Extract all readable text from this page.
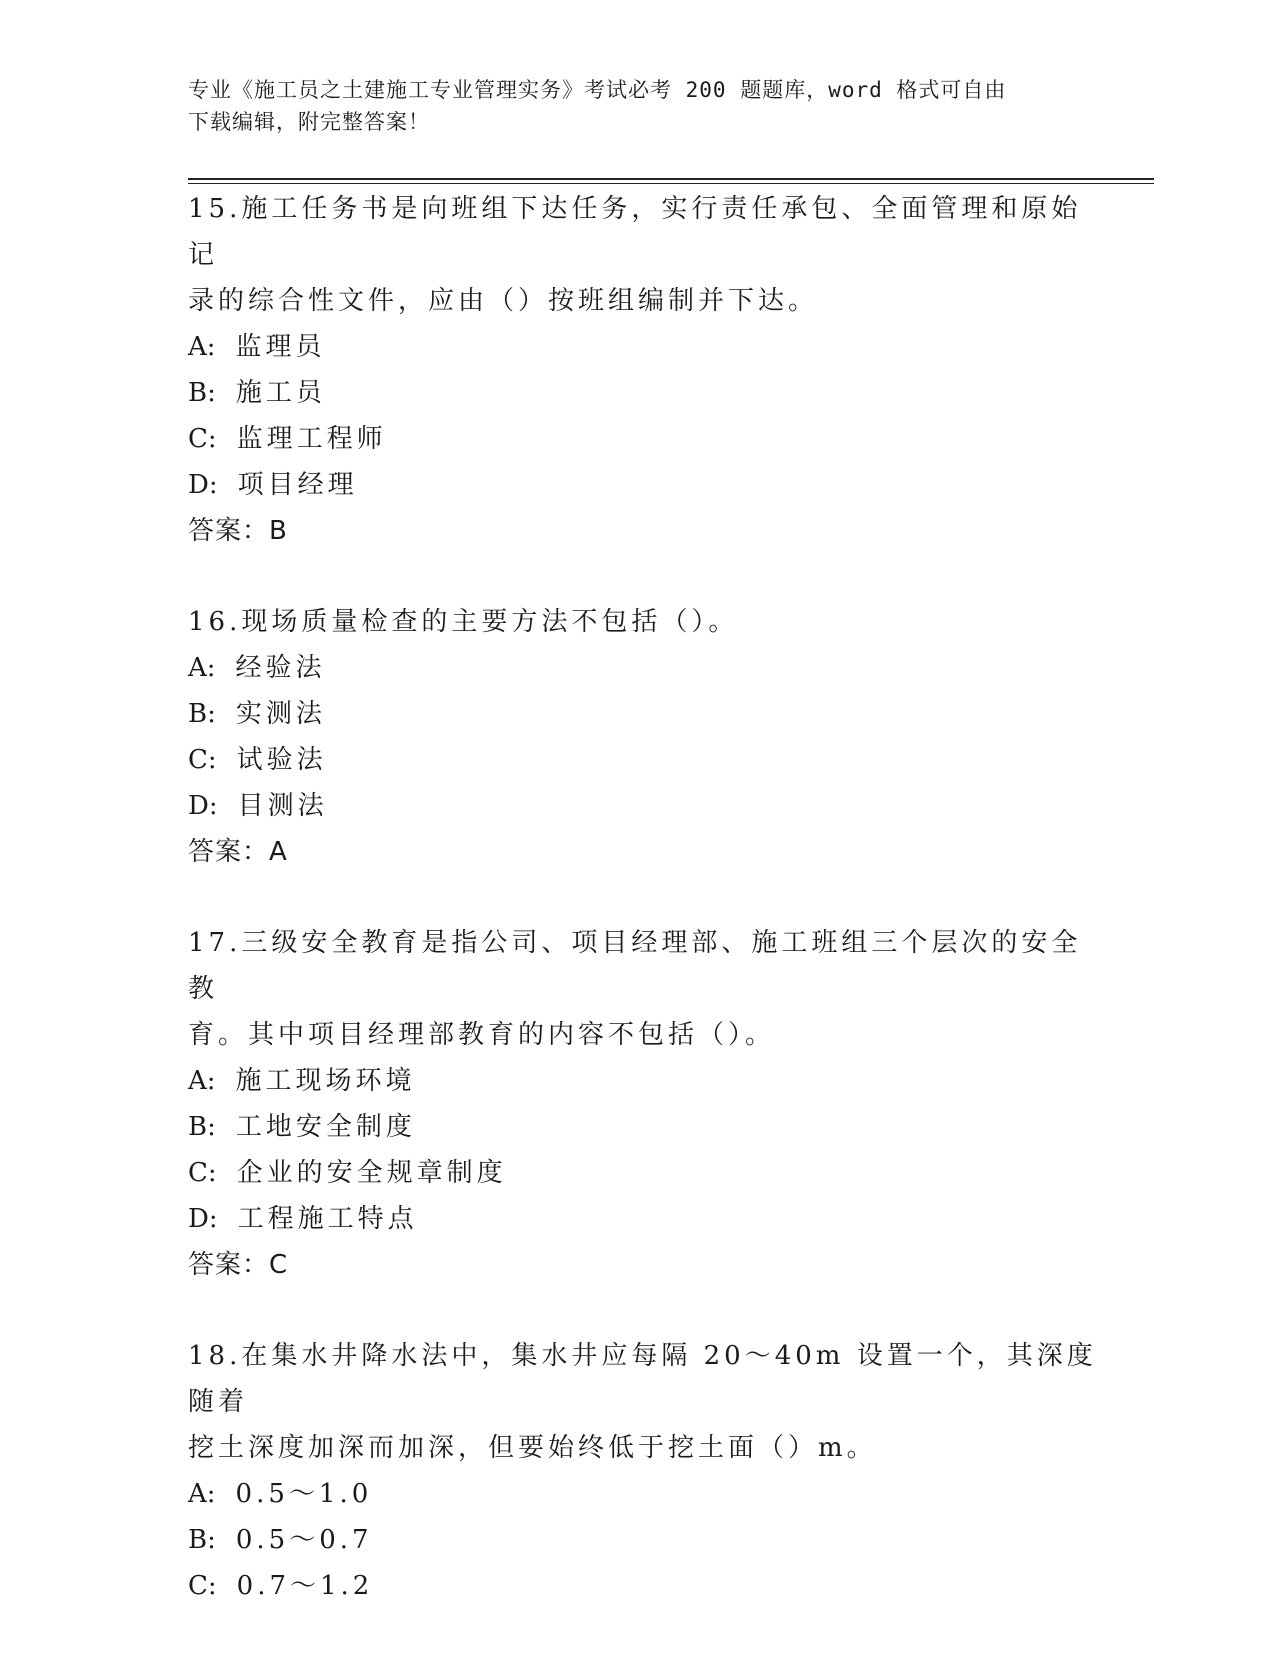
专业《施工员之土建施工专业管理实务》考试必考 200 题题库，word 格式可自由
下载编辑，附完整答案！

15.施工任务书是向班组下达任务，实行责任承包、全面管理和原始记

录的综合性文件，应由（）按班组编制并下达。

A: 监理员

B: 施工员

C: 监理工程师

D: 项目经理

答案：B

16.现场质量检查的主要方法不包括（）。

A: 经验法

B: 实测法

C: 试验法

D: 目测法

答案：A

17.三级安全教育是指公司、项目经理部、施工班组三个层次的安全教

育。其中项目经理部教育的内容不包括（）。

A: 施工现场环境

B: 工地安全制度

C: 企业的安全规章制度

D: 工程施工特点

答案：C

18.在集水井降水法中，集水井应每隔 20～40m 设置一个，其深度随着

挖土深度加深而加深，但要始终低于挖土面（）m。

A: 0.5～1.0

B: 0.5～0.7

C: 0.7～1.2
